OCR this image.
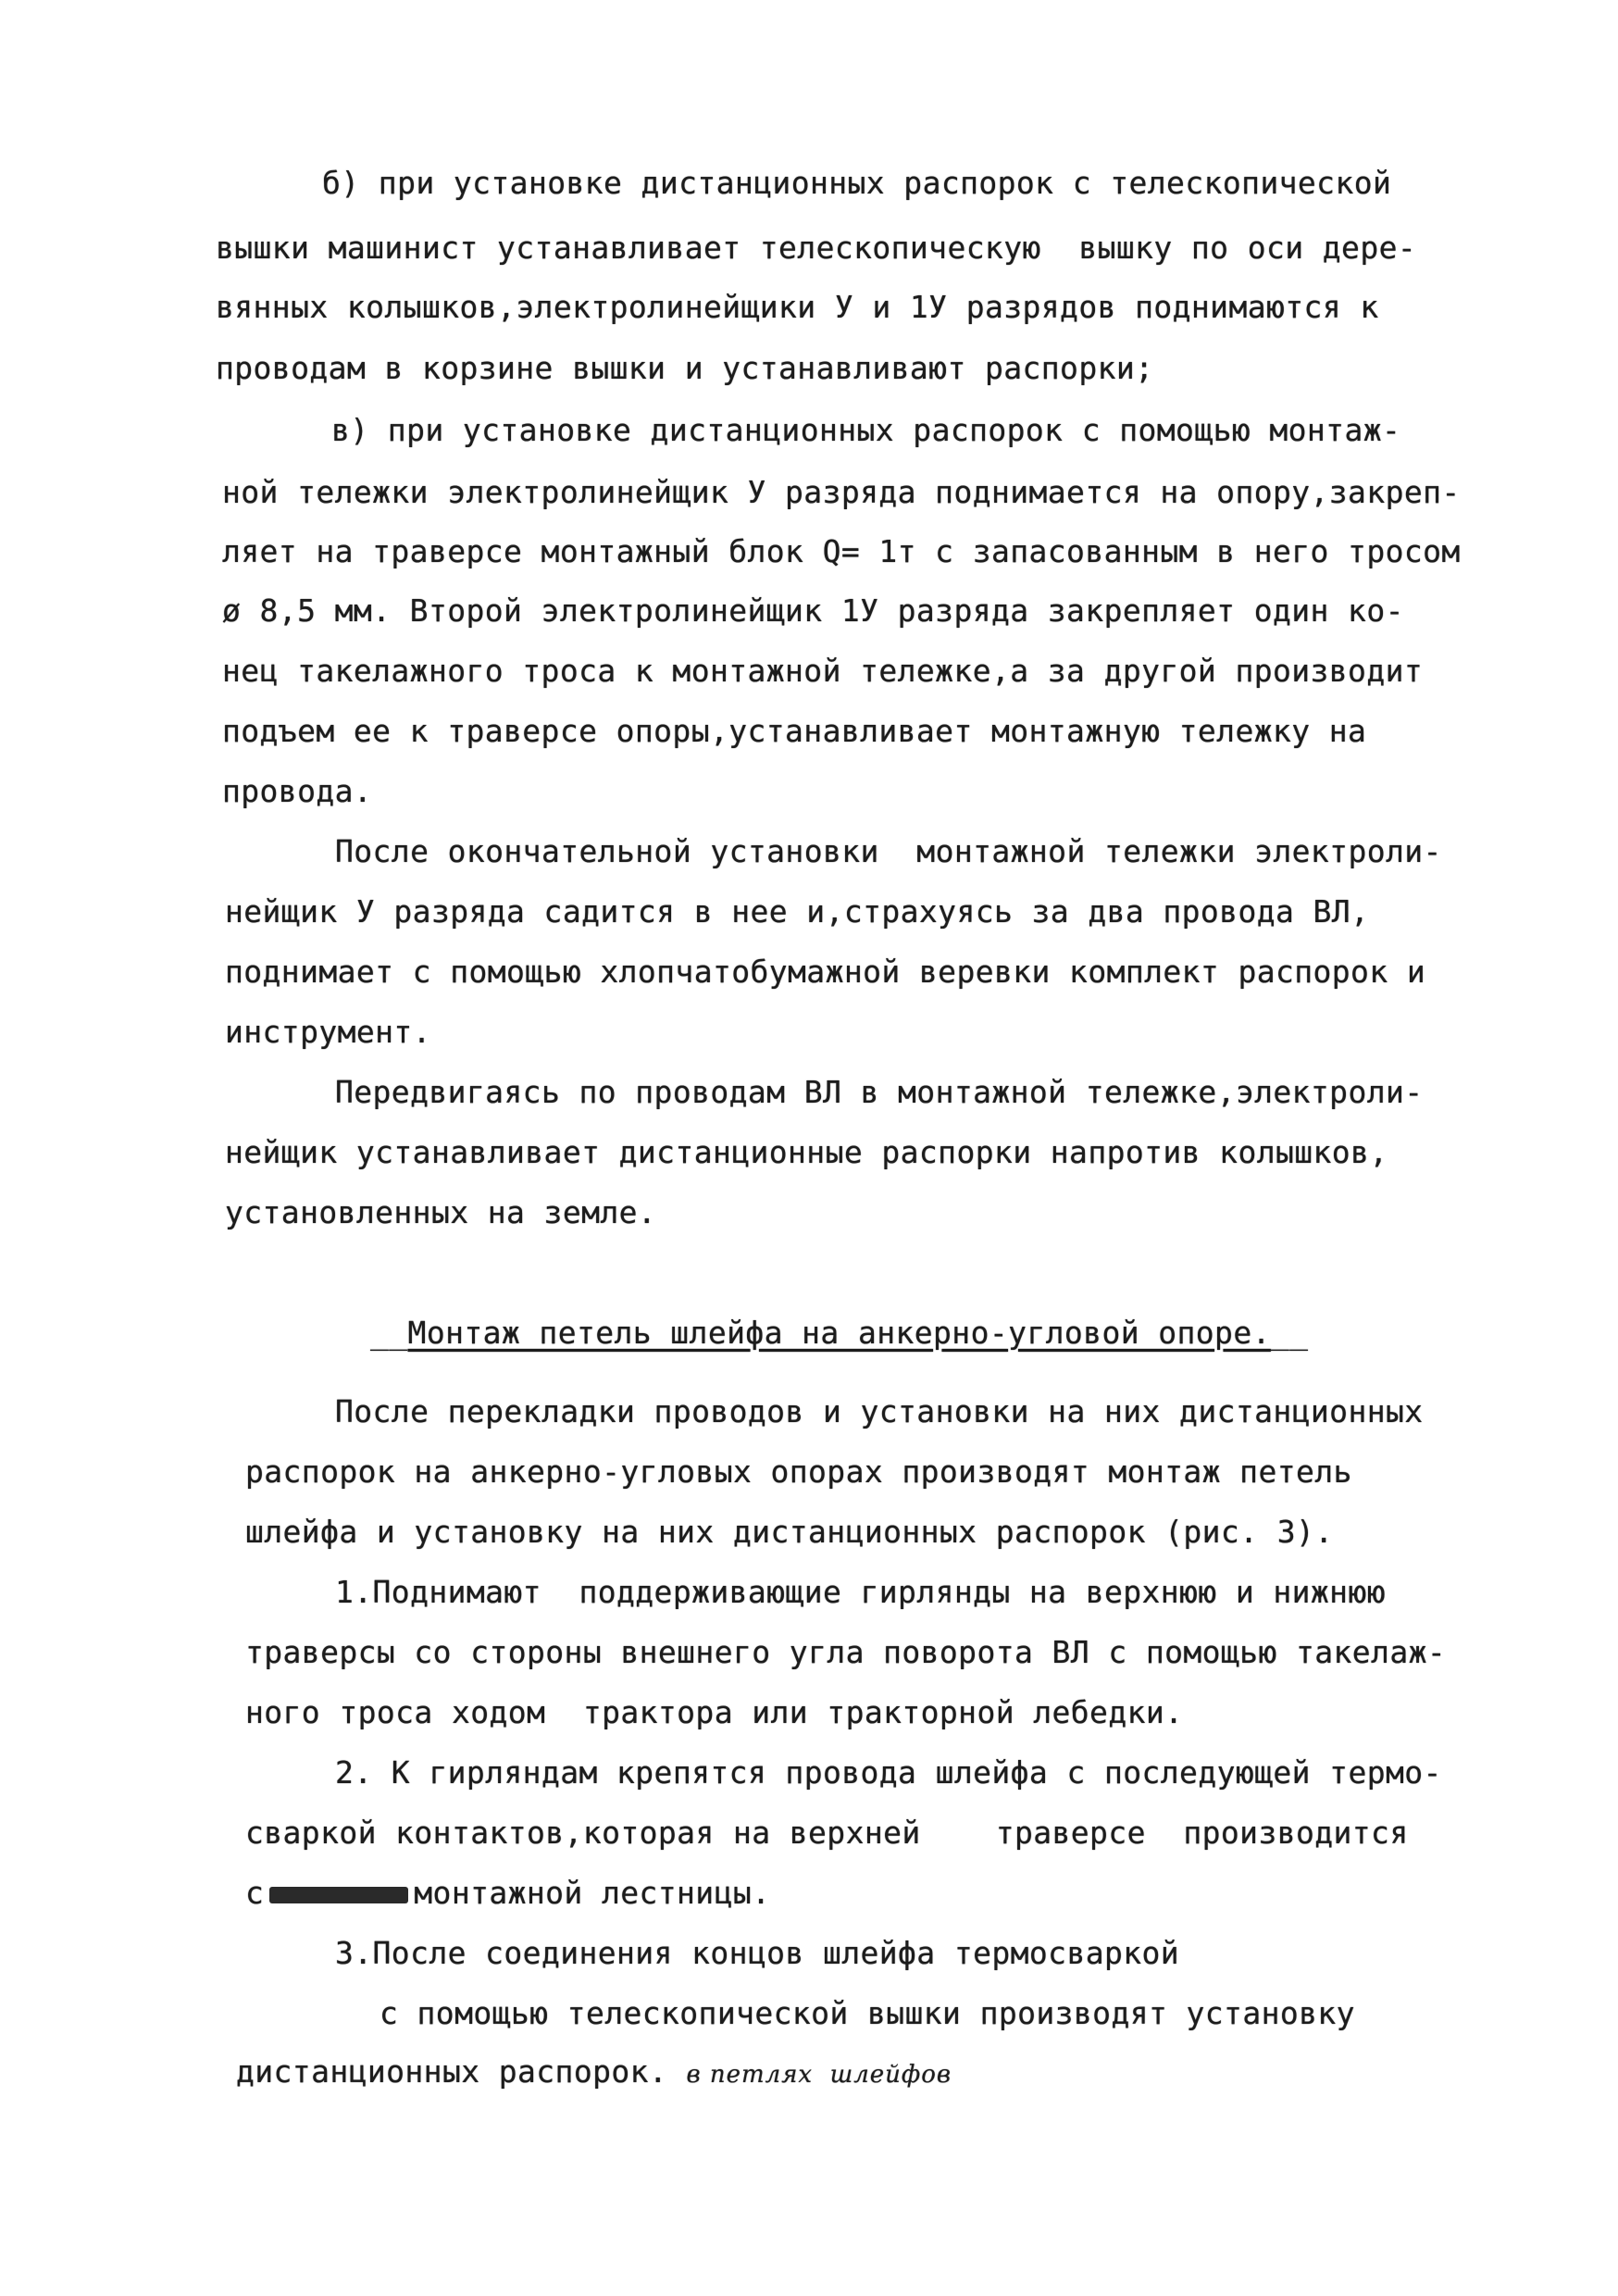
б) при установке дистанционных распорок с телескопической
вышки машинист устанавливает телескопическую  вышку по оси дере-
вянных колышков,электролинейщики У и 1У разрядов поднимаются к
проводам в корзине вышки и устанавливают распорки;
в) при установке дистанционных распорок с помощью монтаж-
ной тележки электролинейщик У разряда поднимается на опору,закреп-
ляет на траверсе монтажный блок Q= 1т с запасованным в него тросом
ø 8,5 мм. Второй электролинейщик 1У разряда закрепляет один ко-
нец такелажного троса к монтажной тележке,а за другой производит
подъем ее к траверсе опоры,устанавливает монтажную тележку на
провода.
После окончательной установки  монтажной тележки электроли-
нейщик У разряда садится в нее и,страхуясь за два провода ВЛ,
поднимает с помощью хлопчатобумажной веревки комплект распорок и
инструмент.
Передвигаясь по проводам ВЛ в монтажной тележке,электроли-
нейщик устанавливает дистанционные распорки напротив колышков,
установленных на земле.
__Монтаж петель шлейфа на анкерно-угловой опоре.__
После перекладки проводов и установки на них дистанционных
распорок на анкерно-угловых опорах производят монтаж петель
шлейфа и установку на них дистанционных распорок (рис. 3).
1.Поднимают  поддерживающие гирлянды на верхнюю и нижнюю
траверсы со стороны внешнего угла поворота ВЛ с помощью такелаж-
ного троса ходом  трактора или тракторной лебедки.
2. К гирляндам крепятся провода шлейфа с последующей термо-
сваркой контактов,которая на верхней    траверсе  производится
с	монтажной лестницы.
3.После соединения концов шлейфа термосваркой
с помощью телескопической вышки производят установку
дистанционных распорок. в петлях  шлейфов
